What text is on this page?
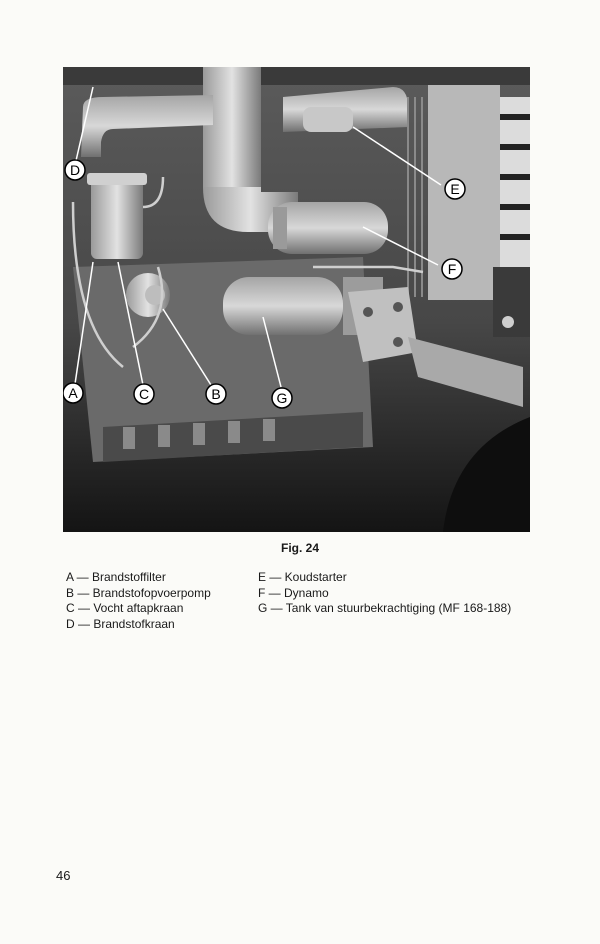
D
E
F
A	C	B	G
Fig. 24
A — Brandstoffilter
B — Brandstofopvoerpomp
C — Vocht aftapkraan
D — Brandstofkraan
E — Koudstarter
F — Dynamo
G — Tank van stuurbekrachtiging (MF 168-188)
46
